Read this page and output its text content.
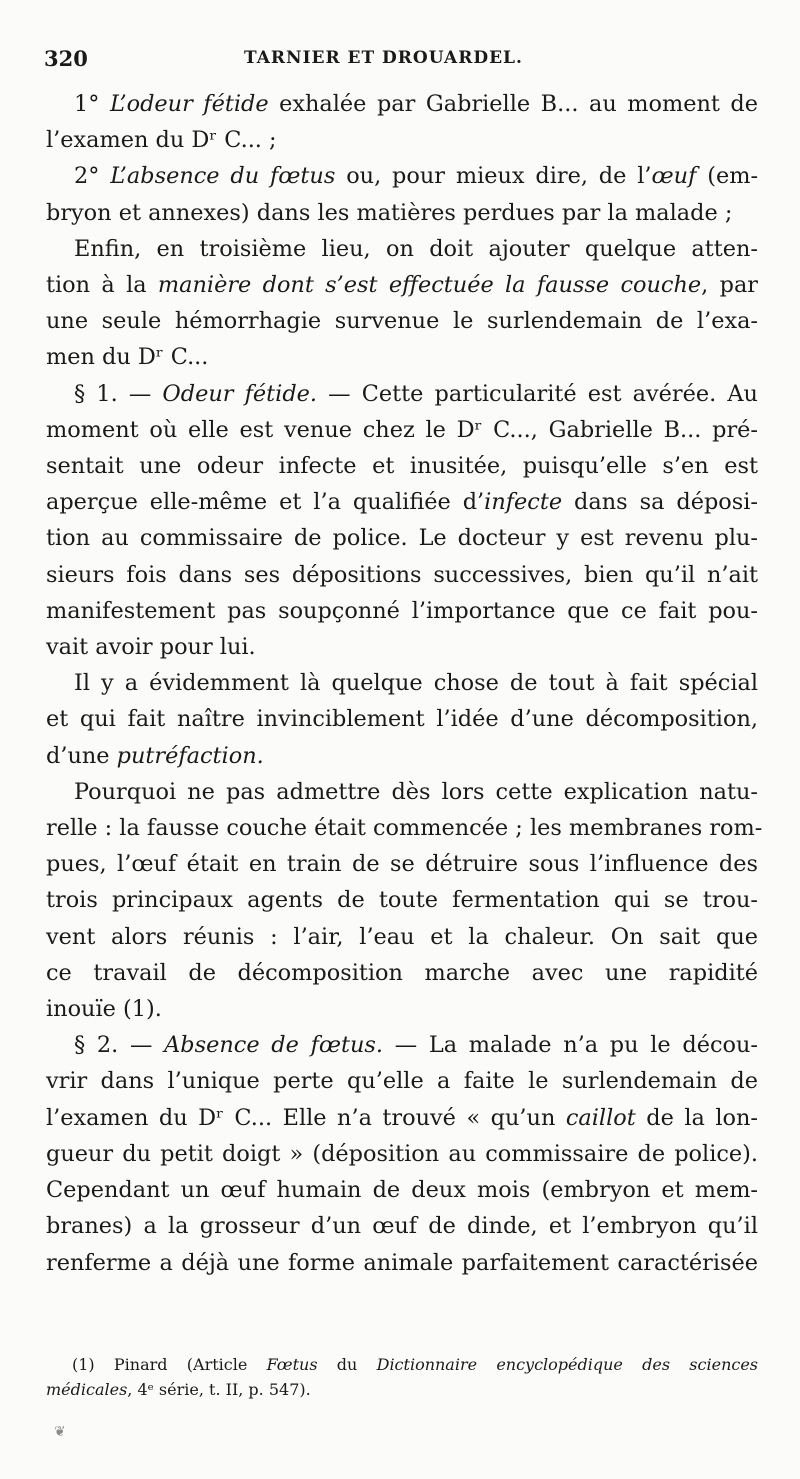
320	TARNIER ET DROUARDEL.
1° L’odeur fétide exhalée par Gabrielle B... au moment de
l’examen du Dʳ C... ;
2° L’absence du fœtus ou, pour mieux dire, de l’œuf (em-
bryon et annexes) dans les matières perdues par la malade ;
Enfin, en troisième lieu, on doit ajouter quelque atten-
tion à la manière dont s’est effectuée la fausse couche, par
une seule hémorrhagie survenue le surlendemain de l’exa-
men du Dʳ C...
§ 1. — Odeur fétide. — Cette particularité est avérée. Au
moment où elle est venue chez le Dʳ C..., Gabrielle B... pré-
sentait une odeur infecte et inusitée, puisqu’elle s’en est
aperçue elle-même et l’a qualifiée d’infecte dans sa déposi-
tion au commissaire de police. Le docteur y est revenu plu-
sieurs fois dans ses dépositions successives, bien qu’il n’ait
manifestement pas soupçonné l’importance que ce fait pou-
vait avoir pour lui.
Il y a évidemment là quelque chose de tout à fait spécial
et qui fait naître invinciblement l’idée d’une décomposition,
d’une putréfaction.
Pourquoi ne pas admettre dès lors cette explication natu-
relle : la fausse couche était commencée ; les membranes rom-
pues, l’œuf était en train de se détruire sous l’influence des
trois principaux agents de toute fermentation qui se trou-
vent alors réunis : l’air, l’eau et la chaleur. On sait que
ce travail de décomposition marche avec une rapidité
inouïe (1).
§ 2. — Absence de fœtus. — La malade n’a pu le décou-
vrir dans l’unique perte qu’elle a faite le surlendemain de
l’examen du Dʳ C... Elle n’a trouvé « qu’un caillot de la lon-
gueur du petit doigt » (déposition au commissaire de police).
Cependant un œuf humain de deux mois (embryon et mem-
branes) a la grosseur d’un œuf de dinde, et l’embryon qu’il
renferme a déjà une forme animale parfaitement caractérisée
(1) Pinard (Article Fœtus du Dictionnaire encyclopédique des sciences
médicales, 4ᵉ série, t. II, p. 547).
❦
